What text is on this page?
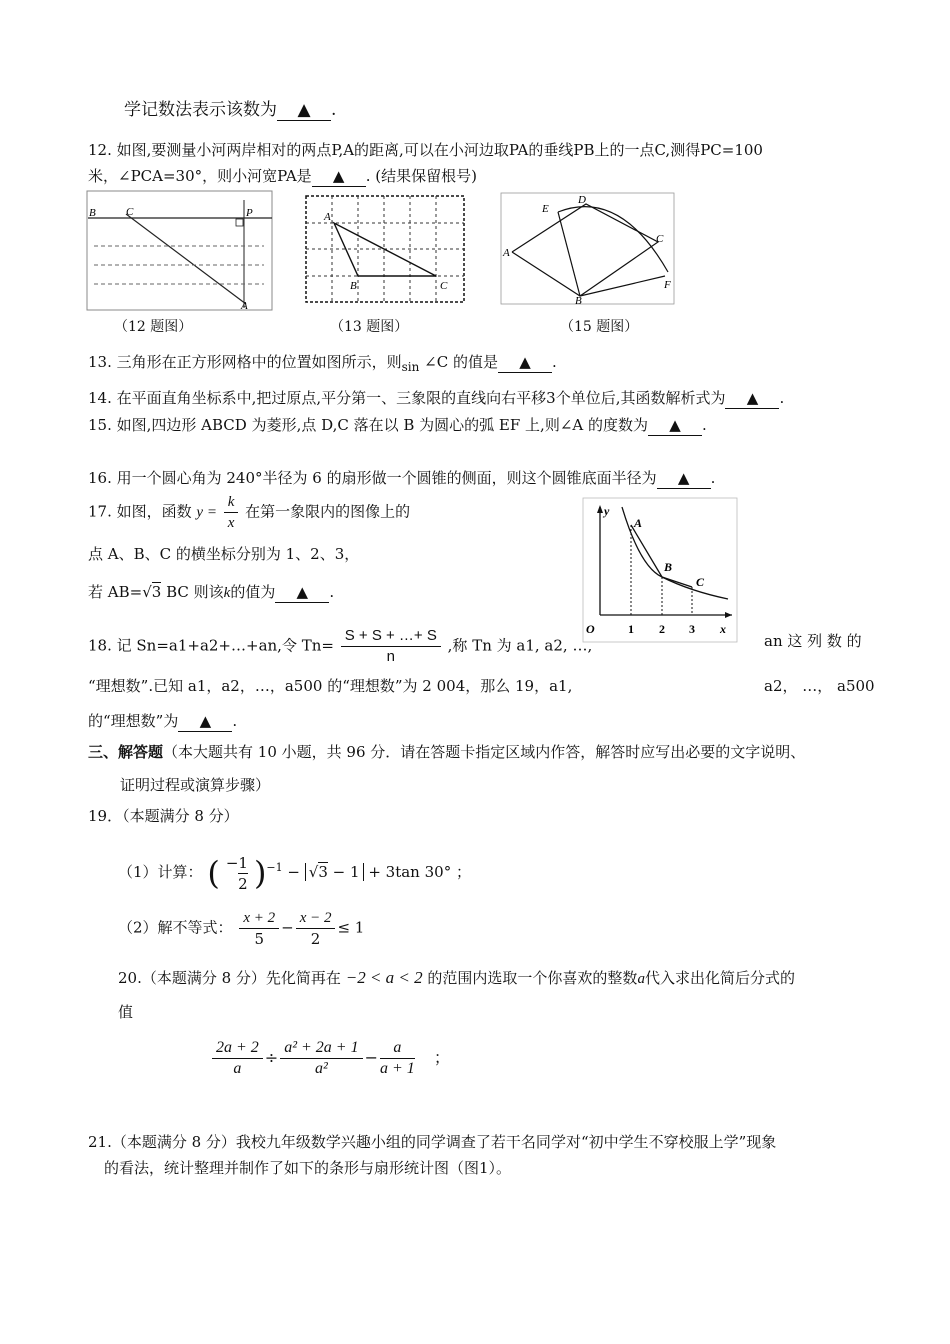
学记数法表示该数为 ▲ .
12. 如图,要测量小河两岸相对的两点P,A的距离,可以在小河边取PA的垂线PB上的一点C,测得PC=100
米，∠PCA=30°，则小河宽PA是 ▲ . (结果保留根号)
B	C	P
A
（12 题图）
A
B	C
（13 题图）
E
D
A
C
B
F
（15 题图）
13. 三角形在正方形网格中的位置如图所示，则$_{sin}$ ∠C 的值是 ▲ .
14. 在平面直角坐标系中,把过原点,平分第一、三象限的直线向右平移3个单位后,其函数解析式为 ▲ .
15. 如图,四边形 ABCD 为菱形,点 D,C 落在以 B 为圆心的弧 EF 上,则∠A 的度数为 ▲ .
16. 用一个圆心角为 240°半径为 6 的扇形做一个圆锥的侧面，则这个圆锥底面半径为 ▲ .
17. 如图，函数 $y = \frac{k}{x}$ 在第一象限内的图像上的
点 A、B、C 的横坐标分别为 1、2、3，
若 AB=√3 BC 则该k的值为 ▲ .
y
A
B
C
O	1 2 3 x
18. 记 Sn=a1+a2+…+an,令 $Tn= \frac{S + S + \dots+ S}{n}$ ,称 Tn 为 a1, a2, …,	an 这 列 数 的
“理想数”.已知 a1，a2，…，a500 的“理想数”为 2 004，那么 19，a1,	a2， …， a500
的“理想数”为 ▲ .
三、解答题（本大题共有 10 小题，共 96 分．请在答题卡指定区域内作答，解答时应写出必要的文字说明、
证明过程或演算步骤）
19．（本题满分 8 分）
（1）计算： ( −1
2 )$^{-1}$ − √3 − 1 + 3tan 30° ；
（2）解不等式： $\frac{x + 2}{5} - \frac{x - 2}{2} \le 1$
20.（本题满分 8 分）先化简再在 −2 < a < 2 的范围内选取一个你喜欢的整数a代入求出化简后分式的
值
$\frac{2a + 2}{a} \div \frac{\text{a² + 2a + 1}}{\text{a²}} - \frac{a}{a + 1}$ ；
21.（本题满分 8 分）我校九年级数学兴趣小组的同学调查了若干名同学对“初中学生不穿校服上学”现象
的看法，统计整理并制作了如下的条形与扇形统计图（图1）。
